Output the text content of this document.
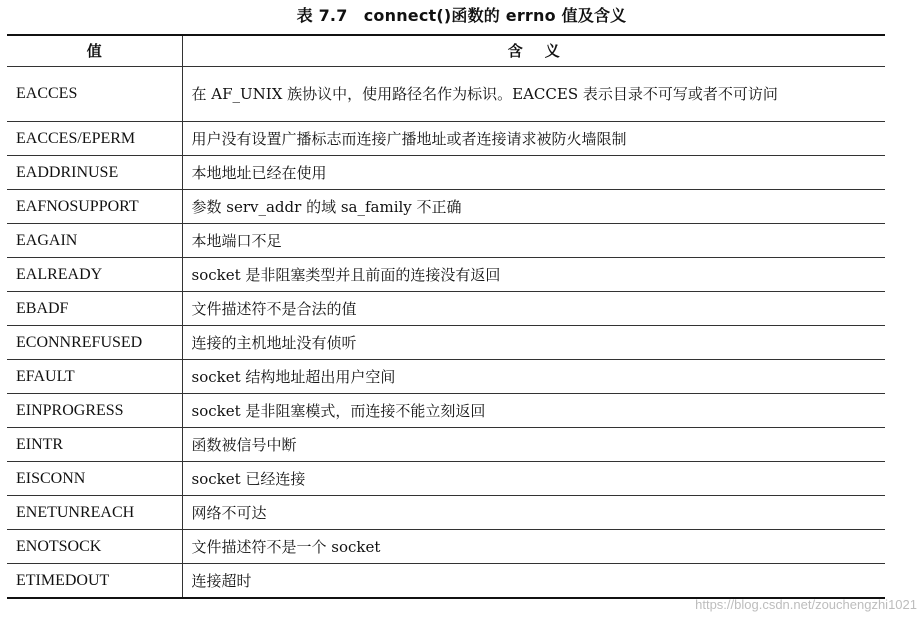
表 7.7　connect()函数的 errno 值及含义
值	含义
EACCES	在 AF_UNIX 族协议中，使用路径名作为标识。EACCES 表示目录不可写或者不可访问
EACCES/EPERM	用户没有设置广播标志而连接广播地址或者连接请求被防火墙限制
EADDRINUSE	本地地址已经在使用
EAFNOSUPPORT	参数 serv_addr 的域 sa_family 不正确
EAGAIN	本地端口不足
EALREADY	socket 是非阻塞类型并且前面的连接没有返回
EBADF	文件描述符不是合法的值
ECONNREFUSED	连接的主机地址没有侦听
EFAULT	socket 结构地址超出用户空间
EINPROGRESS	socket 是非阻塞模式，而连接不能立刻返回
EINTR	函数被信号中断
EISCONN	socket 已经连接
ENETUNREACH	网络不可达
ENOTSOCK	文件描述符不是一个 socket
ETIMEDOUT	连接超时
https://blog.csdn.net/zouchengzhi1021
